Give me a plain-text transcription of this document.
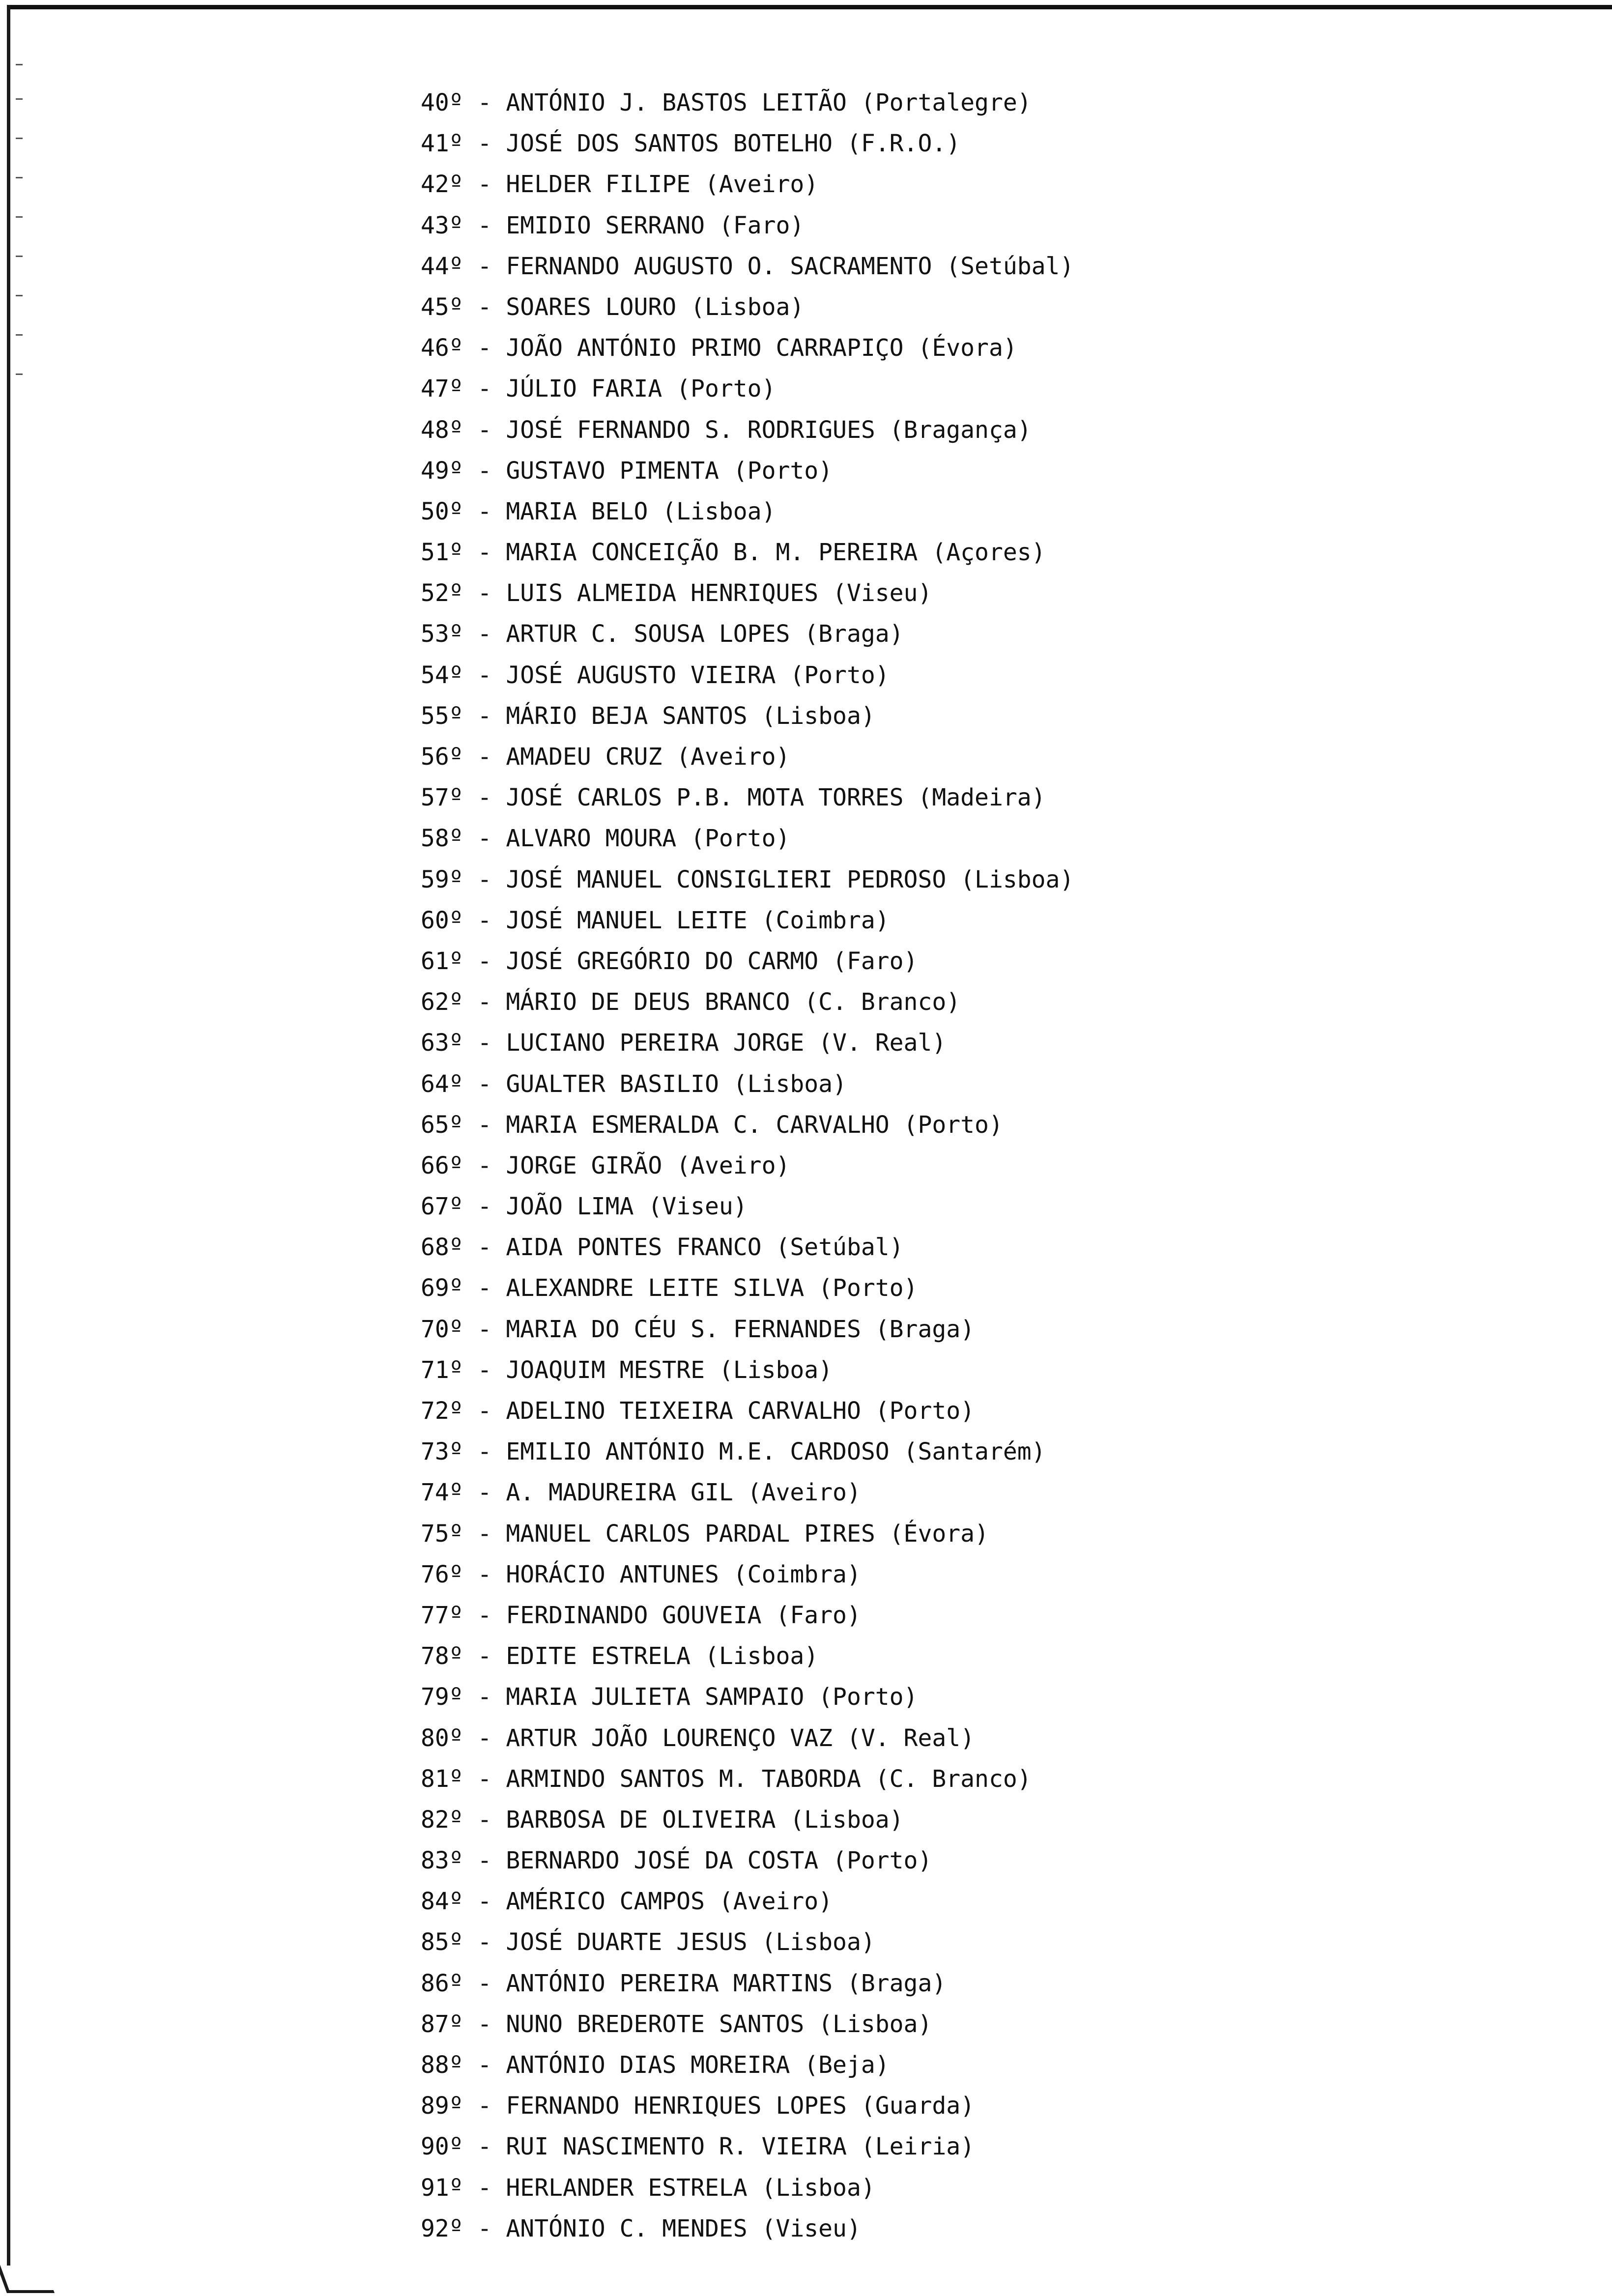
40º - ANTÓNIO J. BASTOS LEITÃO (Portalegre)
41º - JOSÉ DOS SANTOS BOTELHO (F.R.O.)
42º - HELDER FILIPE (Aveiro)
43º - EMIDIO SERRANO (Faro)
44º - FERNANDO AUGUSTO O. SACRAMENTO (Setúbal)
45º - SOARES LOURO (Lisboa)
46º - JOÃO ANTÓNIO PRIMO CARRAPIÇO (Évora)
47º - JÚLIO FARIA (Porto)
48º - JOSÉ FERNANDO S. RODRIGUES (Bragança)
49º - GUSTAVO PIMENTA (Porto)
50º - MARIA BELO (Lisboa)
51º - MARIA CONCEIÇÃO B. M. PEREIRA (Açores)
52º - LUIS ALMEIDA HENRIQUES (Viseu)
53º - ARTUR C. SOUSA LOPES (Braga)
54º - JOSÉ AUGUSTO VIEIRA (Porto)
55º - MÁRIO BEJA SANTOS (Lisboa)
56º - AMADEU CRUZ (Aveiro)
57º - JOSÉ CARLOS P.B. MOTA TORRES (Madeira)
58º - ALVARO MOURA (Porto)
59º - JOSÉ MANUEL CONSIGLIERI PEDROSO (Lisboa)
60º - JOSÉ MANUEL LEITE (Coimbra)
61º - JOSÉ GREGÓRIO DO CARMO (Faro)
62º - MÁRIO DE DEUS BRANCO (C. Branco)
63º - LUCIANO PEREIRA JORGE (V. Real)
64º - GUALTER BASILIO (Lisboa)
65º - MARIA ESMERALDA C. CARVALHO (Porto)
66º - JORGE GIRÃO (Aveiro)
67º - JOÃO LIMA (Viseu)
68º - AIDA PONTES FRANCO (Setúbal)
69º - ALEXANDRE LEITE SILVA (Porto)
70º - MARIA DO CÉU S. FERNANDES (Braga)
71º - JOAQUIM MESTRE (Lisboa)
72º - ADELINO TEIXEIRA CARVALHO (Porto)
73º - EMILIO ANTÓNIO M.E. CARDOSO (Santarém)
74º - A. MADUREIRA GIL (Aveiro)
75º - MANUEL CARLOS PARDAL PIRES (Évora)
76º - HORÁCIO ANTUNES (Coimbra)
77º - FERDINANDO GOUVEIA (Faro)
78º - EDITE ESTRELA (Lisboa)
79º - MARIA JULIETA SAMPAIO (Porto)
80º - ARTUR JOÃO LOURENÇO VAZ (V. Real)
81º - ARMINDO SANTOS M. TABORDA (C. Branco)
82º - BARBOSA DE OLIVEIRA (Lisboa)
83º - BERNARDO JOSÉ DA COSTA (Porto)
84º - AMÉRICO CAMPOS (Aveiro)
85º - JOSÉ DUARTE JESUS (Lisboa)
86º - ANTÓNIO PEREIRA MARTINS (Braga)
87º - NUNO BREDEROTE SANTOS (Lisboa)
88º - ANTÓNIO DIAS MOREIRA (Beja)
89º - FERNANDO HENRIQUES LOPES (Guarda)
90º - RUI NASCIMENTO R. VIEIRA (Leiria)
91º - HERLANDER ESTRELA (Lisboa)
92º - ANTÓNIO C. MENDES (Viseu)
